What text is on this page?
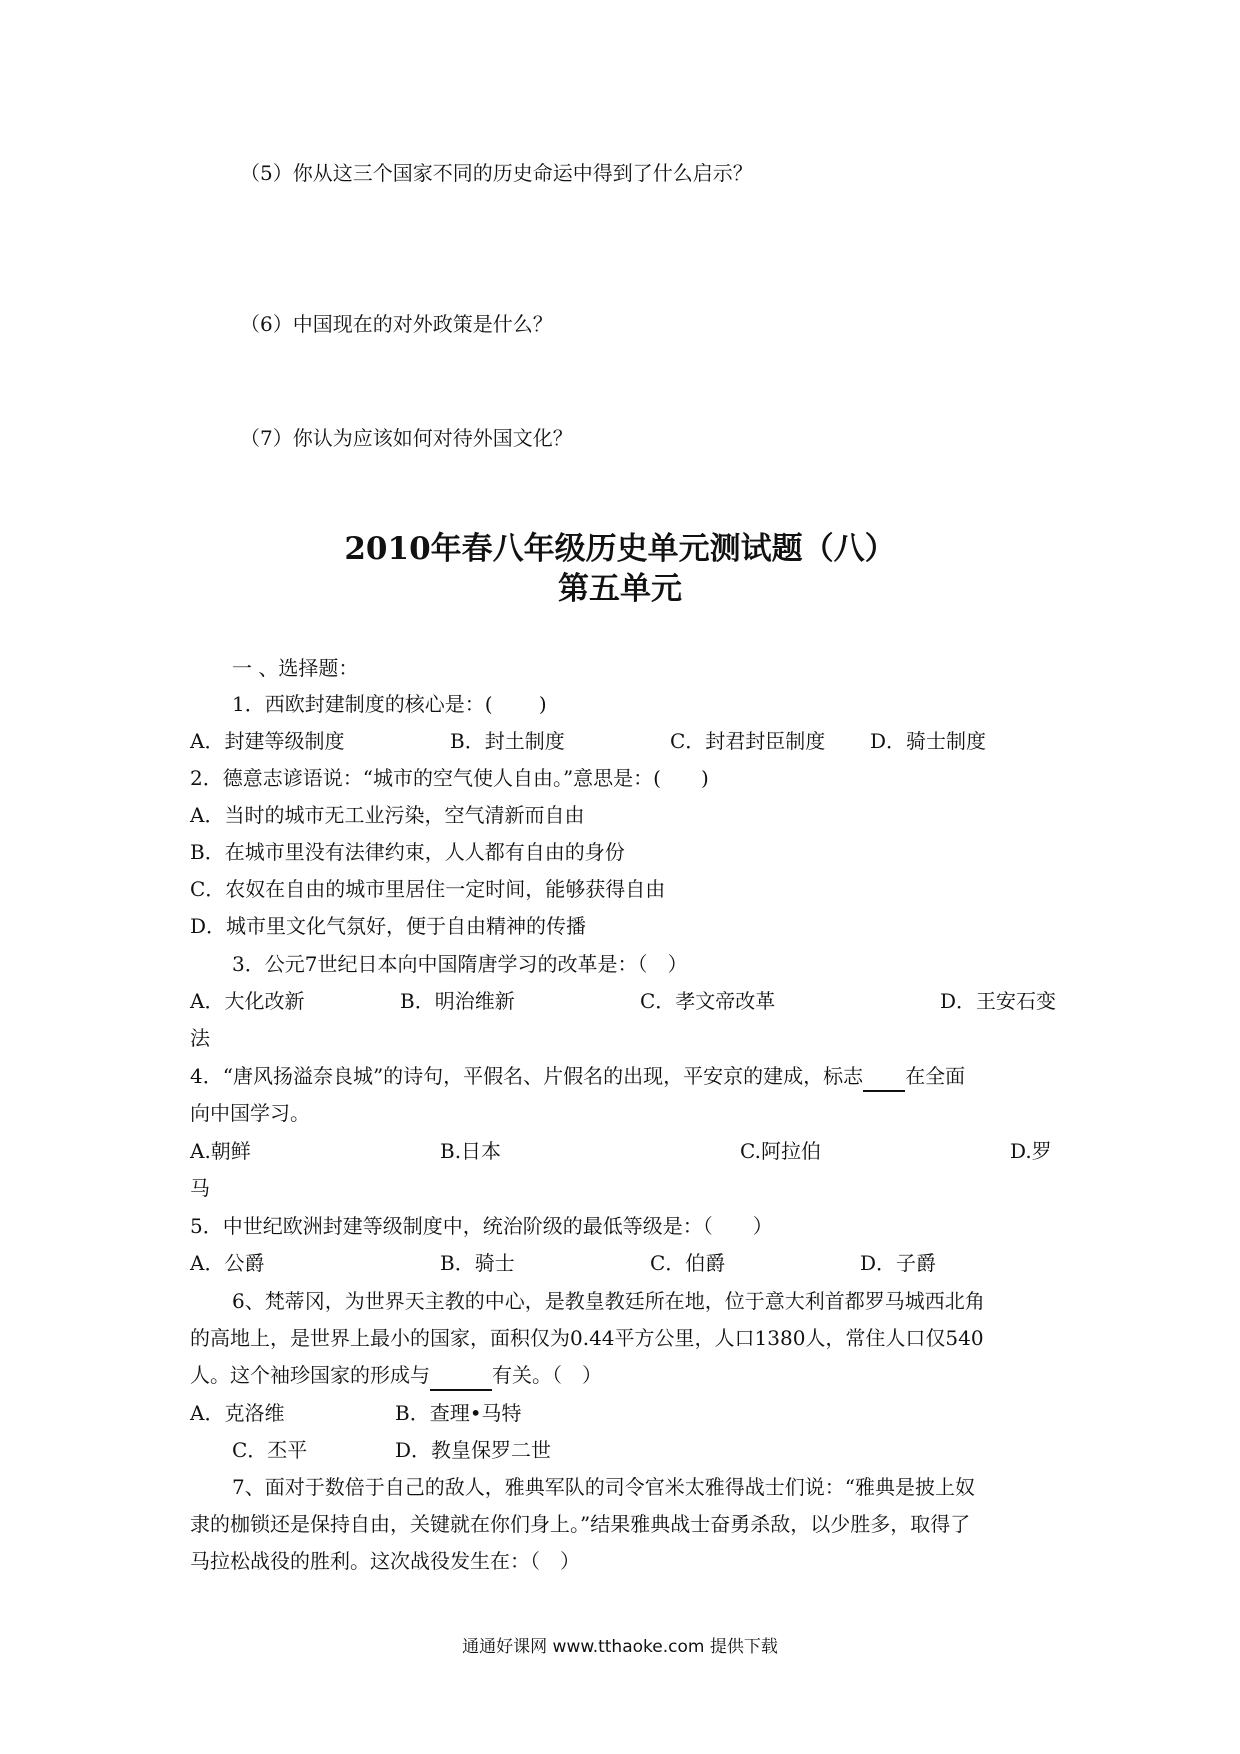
（5）你从这三个国家不同的历史命运中得到了什么启示？
（6）中国现在的对外政策是什么？
（7）你认为应该如何对待外国文化？
2010年春八年级历史单元测试题（八）
第五单元
一 、选择题：
1．西欧封建制度的核心是：(　　 )
A．封建等级制度	B．封土制度	C．封君封臣制度 D．骑士制度
2．德意志谚语说：“城市的空气使人自由。”意思是：(　　)
A．当时的城市无工业污染，空气清新而自由
B．在城市里没有法律约束，人人都有自由的身份
C．农奴在自由的城市里居住一定时间，能够获得自由
D．城市里文化气氛好，便于自由精神的传播
3．公元7世纪日本向中国隋唐学习的改革是：（　）
A．大化改新	B．明治维新	C．孝文帝改革	D．王安石变
法
4．“唐风扬溢奈良城”的诗句，平假名、片假名的出现，平安京的建成，标志　 在全面
向中国学习。
A.朝鲜	B.日本	C.阿拉伯	D.罗
马
5．中世纪欧洲封建等级制度中，统治阶级的最低等级是：（　　）
A．公爵	B．骑士	C．伯爵	D．子爵
6、梵蒂冈，为世界天主教的中心，是教皇教廷所在地，位于意大利首都罗马城西北角
的高地上，是世界上最小的国家，面积仅为0.44平方公里，人口1380人，常住人口仅540
人。这个袖珍国家的形成与　	有关。（　）
A．克洛维	B．查理•马特
C．丕平	D．教皇保罗二世
7、面对于数倍于自己的敌人，雅典军队的司令官米太雅得战士们说：“雅典是披上奴
隶的枷锁还是保持自由，关键就在你们身上。”结果雅典战士奋勇杀敌，以少胜多，取得了
马拉松战役的胜利。这次战役发生在：（　）
通通好课网 www.tthaoke.com 提供下载
